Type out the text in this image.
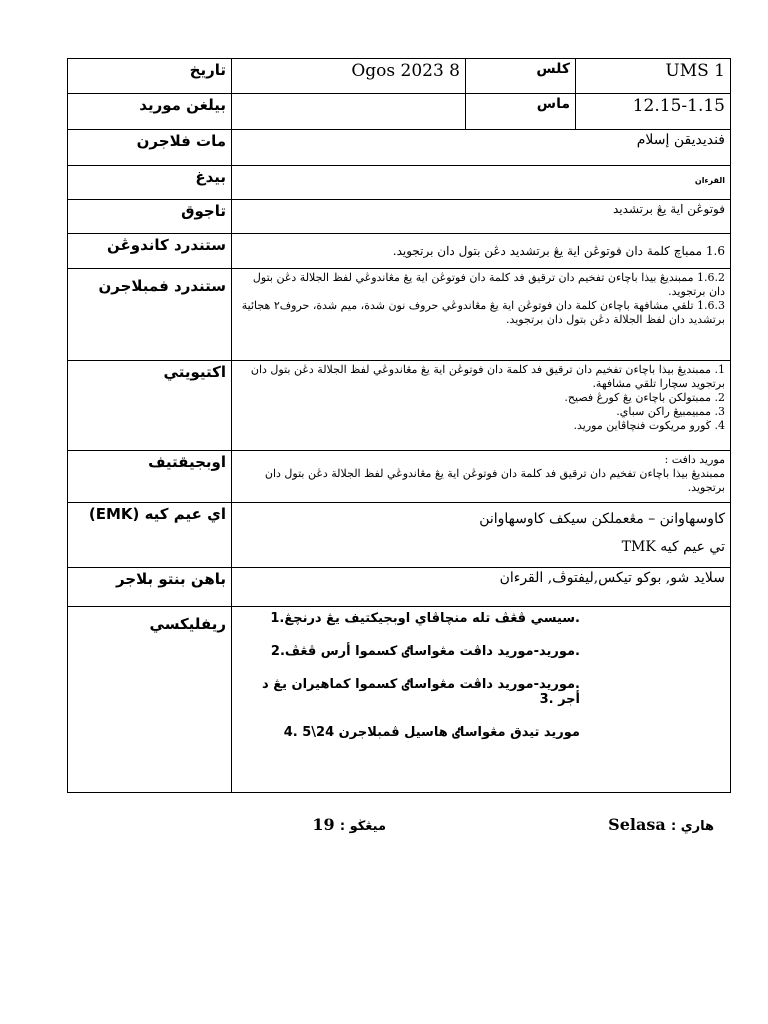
تاريخ	Ogos 2023 8	كلس	UMS 1
بيلغن موريد		ماس	12.15-1.15
مات فلاجرن	فنديديقن إسلام		
بيدغ	القرءان		
تاجوق	فوتوڠن اية يڠ برتشديد		
ستندرد كاندوڠن	1.6 ممباچ كلمة دان فوتوڠن اية يڠ برتشديد دڠن بتول دان برتجويد.		
ستندرد فمبلاجرن	1.6.2 ممبندیڠ بيذا باچاءن تفخيم دان ترقيق فد كلمة دان فوتوڠن اية يڠ مڠاندوڠي لفظ الجلالة دڠن بتول دان برتجويد.
1.6.3 تلقي مشافهة باچاءن كلمة دان فوتوڠن اية يڠ مڠاندوڠي حروف نون شدة، ميم شدة، حروف٢ هجائية برتشديد دان لفظ الجلالة دڠن بتول دان برتجويد.		

اكتيويتي	1. ممبندیڠ بيذا باچاءن تفخيم دان ترقيق فد كلمة دان فوتوڠن اية يڠ مڠاندوڠي لفظ الجلالة دڠن بتول دان برتجويد سچارا تلقي مشافهة.
2. ممبتولكن باچاءن يڠ كورڠ فصيح.
3. ممبيمبيڠ راكن سباي.
4. ڬورو مريكوت فنچاڤاين موريد.		

اوبجيقتيف	موريد دافت :
ممبندیڠ بيذا باچاءن تفخيم دان ترقيق فد كلمة دان فوتوڠن اية يڠ مڠاندوڠي لفظ الجلالة دڠن بتول دان برتجويد.		

اي عيم كيه (EMK)	كاوسهاوانن – مڠعملكن سيكف كاوسهاوانن
تي عيم كيه TMK		

باهن بنتو بلاجر	سلايد شو, بوكو تيكس,ليفتوڤ, القرءان		
ريفليكسي	.سيسي ڤڠڤ تله منچاڤاي اوبجيكتيف يڠ درنچڠ.1

.موريد-موريد داڤت مڠواساٸ كسموا أرس ڤڠڤ.2

.موريد-موريد داڤت مڠواساٸ كسموا كماهيران يڠ د أجر .3

موريد تيدق مڠواساٸ هاسيل ڤمبلاجرن 24\5 .4		

هاري : Selasa
ميڠڬو : 19
